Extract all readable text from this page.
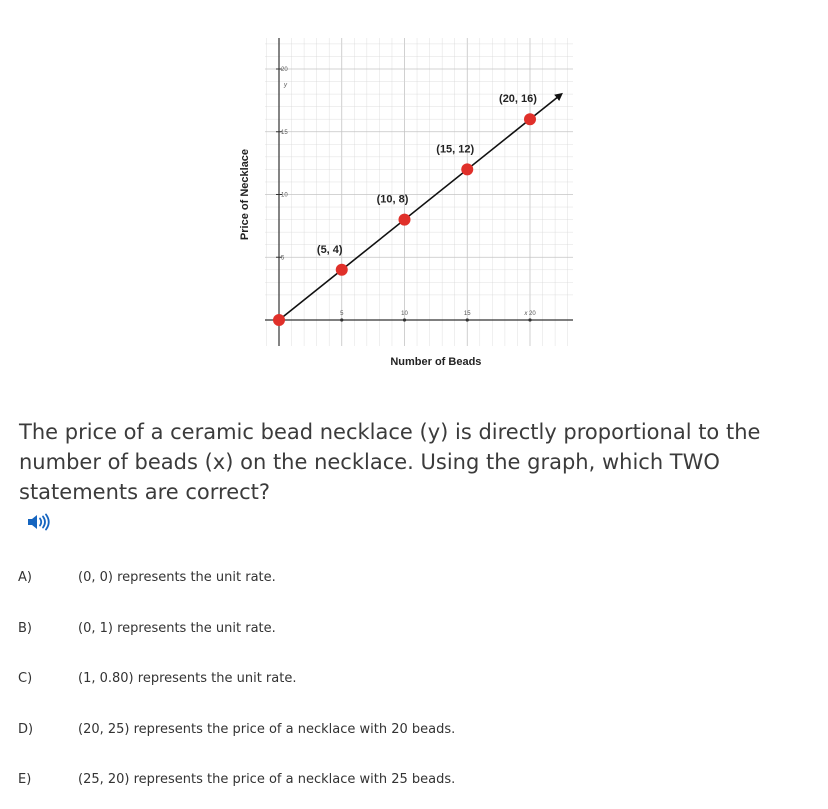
5	10	15	x 20
5
10
15
20
(5, 4)
(10, 8)
(15, 12)
(20, 16)
y
Price of Necklace
Number of Beads
The price of a ceramic bead necklace (y) is directly proportional to the number of beads (x) on the necklace. Using the graph, which TWO statements are correct?
A)	(0, 0) represents the unit rate.
B)	(0, 1) represents the unit rate.
C)	(1, 0.80) represents the unit rate.
D)	(20, 25) represents the price of a necklace with 20 beads.
E)	(25, 20) represents the price of a necklace with 25 beads.
